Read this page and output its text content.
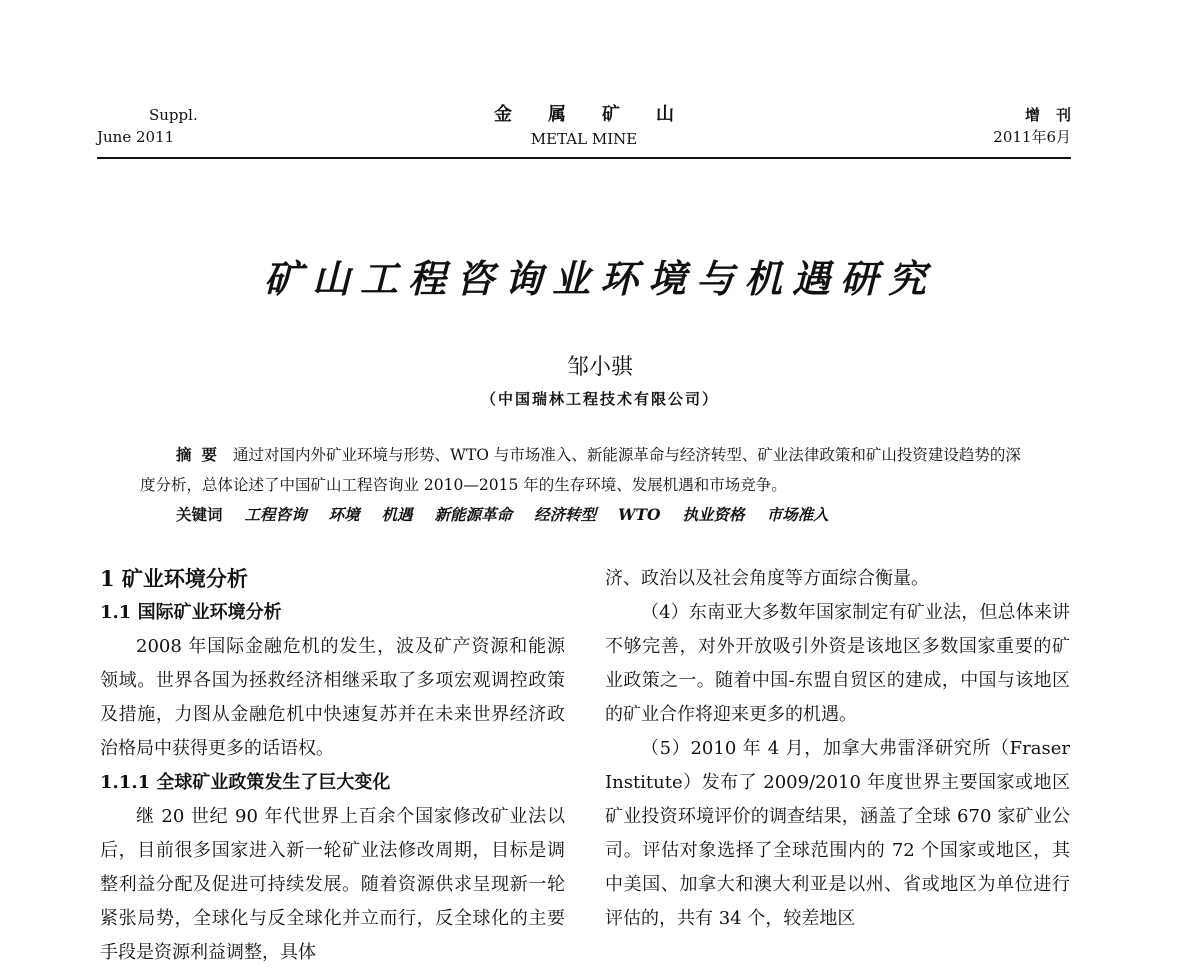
Suppl.
June 2011
金属矿山
METAL MINE
增刊
2011年6月
矿山工程咨询业环境与机遇研究
邹小骐
（中国瑞林工程技术有限公司）
摘要 通过对国内外矿业环境与形势、WTO 与市场准入、新能源革命与经济转型、矿业法律政策和矿山投资建设趋势的深度分析，总体论述了中国矿山工程咨询业 2010—2015 年的生存环境、发展机遇和市场竞争。
关键词 工程咨询 环境 机遇 新能源革命 经济转型 WTO 执业资格 市场准入
1 矿业环境分析
1.1 国际矿业环境分析
2008 年国际金融危机的发生，波及矿产资源和能源领域。世界各国为拯救经济相继采取了多项宏观调控政策及措施，力图从金融危机中快速复苏并在未来世界经济政治格局中获得更多的话语权。
1.1.1 全球矿业政策发生了巨大变化
继 20 世纪 90 年代世界上百余个国家修改矿业法以后，目前很多国家进入新一轮矿业法修改周期，目标是调整利益分配及促进可持续发展。随着资源供求呈现新一轮紧张局势，全球化与反全球化并立而行，反全球化的主要手段是资源利益调整，具体
济、政治以及社会角度等方面综合衡量。
（4）东南亚大多数年国家制定有矿业法，但总体来讲不够完善，对外开放吸引外资是该地区多数国家重要的矿业政策之一。随着中国-东盟自贸区的建成，中国与该地区的矿业合作将迎来更多的机遇。
（5）2010 年 4 月，加拿大弗雷泽研究所（Fraser Institute）发布了 2009/2010 年度世界主要国家或地区矿业投资环境评价的调查结果，涵盖了全球 670 家矿业公司。评估对象选择了全球范围内的 72 个国家或地区，其中美国、加拿大和澳大利亚是以州、省或地区为单位进行评估的，共有 34 个，较差地区
